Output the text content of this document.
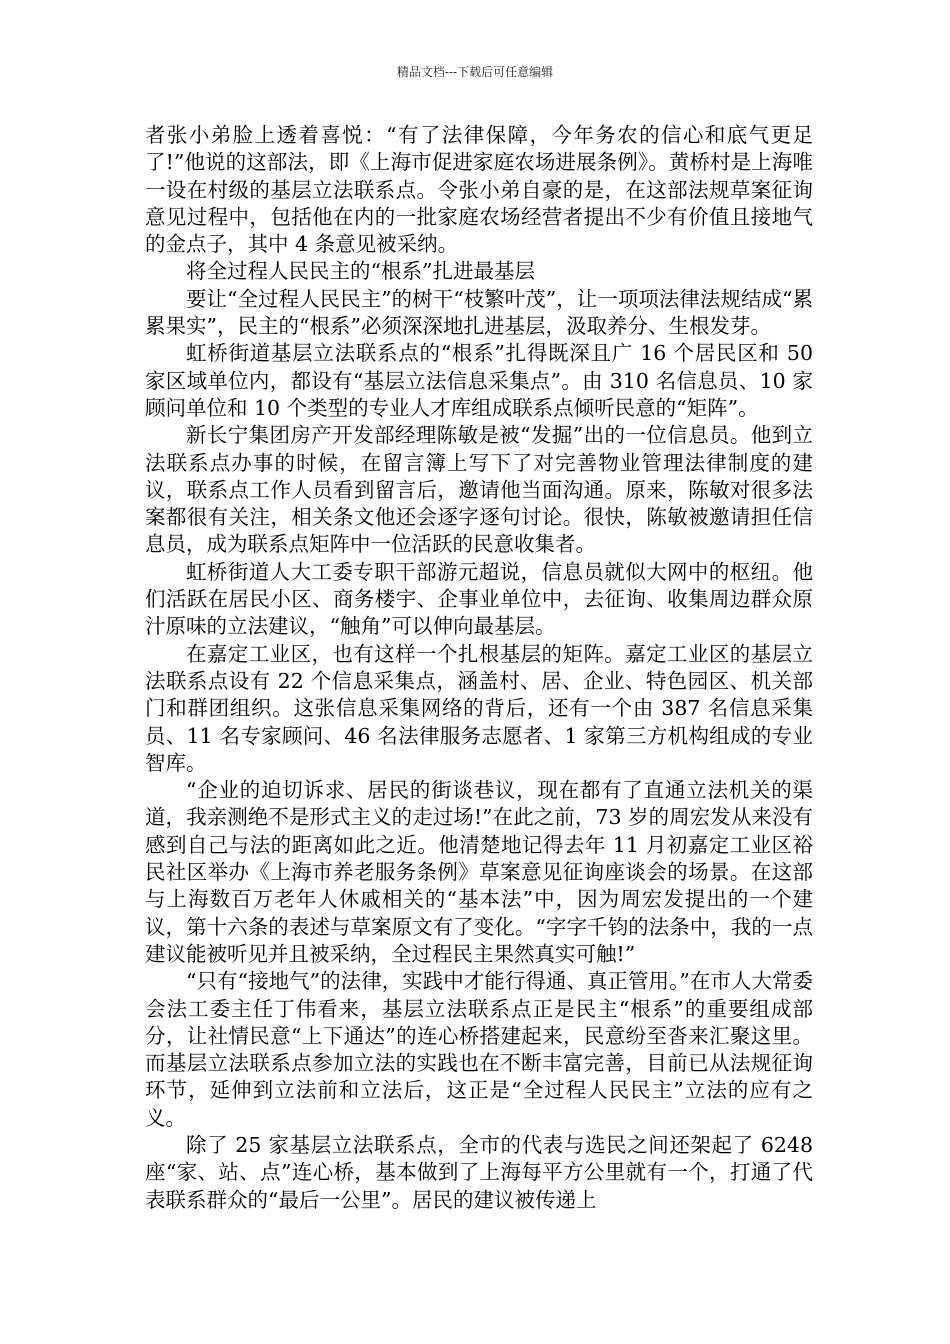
精品文档---下载后可任意编辑

者张小弟脸上透着喜悦：“有了法律保障，今年务农的信心和底气更足了!”他说的这部法，即《上海市促进家庭农场进展条例》。黄桥村是上海唯一设在村级的基层立法联系点。令张小弟自豪的是，在这部法规草案征询意见过程中，包括他在内的一批家庭农场经营者提出不少有价值且接地气的金点子，其中 4 条意见被采纳。

将全过程人民民主的“根系”扎进最基层

要让“全过程人民民主”的树干“枝繁叶茂”，让一项项法律法规结成“累累果实”，民主的“根系”必须深深地扎进基层，汲取养分、生根发芽。

虹桥街道基层立法联系点的“根系”扎得既深且广 16 个居民区和 50 家区域单位内，都设有“基层立法信息采集点”。由 310 名信息员、10 家顾问单位和 10 个类型的专业人才库组成联系点倾听民意的“矩阵”。

新长宁集团房产开发部经理陈敏是被“发掘”出的一位信息员。他到立法联系点办事的时候，在留言簿上写下了对完善物业管理法律制度的建议，联系点工作人员看到留言后，邀请他当面沟通。原来，陈敏对很多法案都很有关注，相关条文他还会逐字逐句讨论。很快，陈敏被邀请担任信息员，成为联系点矩阵中一位活跃的民意收集者。

虹桥街道人大工委专职干部游元超说，信息员就似大网中的枢纽。他们活跃在居民小区、商务楼宇、企事业单位中，去征询、收集周边群众原汁原味的立法建议，“触角”可以伸向最基层。

在嘉定工业区，也有这样一个扎根基层的矩阵。嘉定工业区的基层立法联系点设有 22 个信息采集点，涵盖村、居、企业、特色园区、机关部门和群团组织。这张信息采集网络的背后，还有一个由 387 名信息采集员、11 名专家顾问、46 名法律服务志愿者、1 家第三方机构组成的专业智库。

“企业的迫切诉求、居民的街谈巷议，现在都有了直通立法机关的渠道，我亲测绝不是形式主义的走过场!”在此之前，73 岁的周宏发从来没有感到自己与法的距离如此之近。他清楚地记得去年 11 月初嘉定工业区裕民社区举办《上海市养老服务条例》草案意见征询座谈会的场景。在这部与上海数百万老年人休戚相关的“基本法”中，因为周宏发提出的一个建议，第十六条的表述与草案原文有了变化。“字字千钧的法条中，我的一点建议能被听见并且被采纳，全过程民主果然真实可触!”

“只有“接地气”的法律，实践中才能行得通、真正管用。”在市人大常委会法工委主任丁伟看来，基层立法联系点正是民主“根系”的重要组成部分，让社情民意“上下通达”的连心桥搭建起来，民意纷至沓来汇聚这里。而基层立法联系点参加立法的实践也在不断丰富完善，目前已从法规征询环节，延伸到立法前和立法后，这正是“全过程人民民主”立法的应有之义。

除了 25 家基层立法联系点，全市的代表与选民之间还架起了 6248 座“家、站、点”连心桥，基本做到了上海每平方公里就有一个，打通了代表联系群众的“最后一公里”。居民的建议被传递上
